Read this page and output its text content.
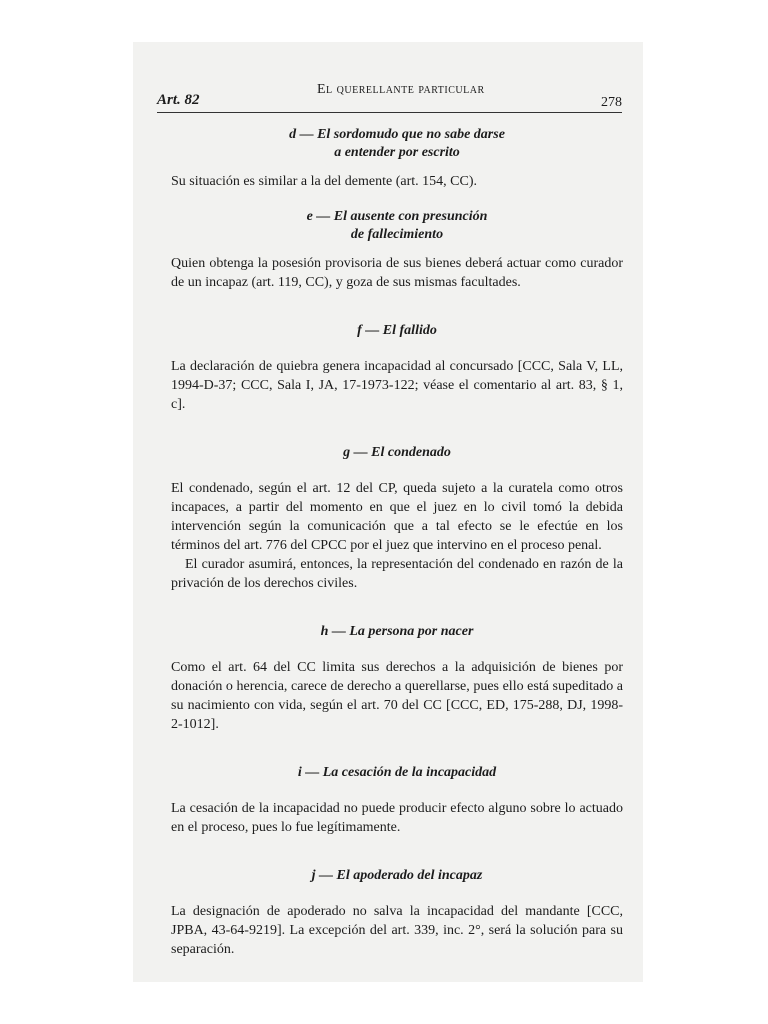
Art. 82
El querellante particular
278

d — El sordomudo que no sabe darse

a entender por escrito

Su situación es similar a la del demente (art. 154, CC).

e — El ausente con presunción

de fallecimiento

Quien obtenga la posesión provisoria de sus bienes deberá actuar como curador de un incapaz (art. 119, CC), y goza de sus mismas facultades.

f — El fallido

La declaración de quiebra genera incapacidad al concursado [CCC, Sala V, LL, 1994-D-37; CCC, Sala I, JA, 17-1973-122; véase el comentario al art. 83, § 1, c].

g — El condenado

El condenado, según el art. 12 del CP, queda sujeto a la curatela como otros incapaces, a partir del momento en que el juez en lo civil tomó la debida intervención según la comunicación que a tal efecto se le efectúe en los términos del art. 776 del CPCC por el juez que intervino en el proceso penal.

El curador asumirá, entonces, la representación del condenado en razón de la privación de los derechos civiles.

h — La persona por nacer

Como el art. 64 del CC limita sus derechos a la adquisición de bienes por donación o herencia, carece de derecho a querellarse, pues ello está supeditado a su nacimiento con vida, según el art. 70 del CC [CCC, ED, 175-288, DJ, 1998-2-1012].

i — La cesación de la incapacidad

La cesación de la incapacidad no puede producir efecto alguno sobre lo actuado en el proceso, pues lo fue legítimamente.

j — El apoderado del incapaz

La designación de apoderado no salva la incapacidad del mandante [CCC, JPBA, 43-64-9219]. La excepción del art. 339, inc. 2°, será la solución para su separación.
